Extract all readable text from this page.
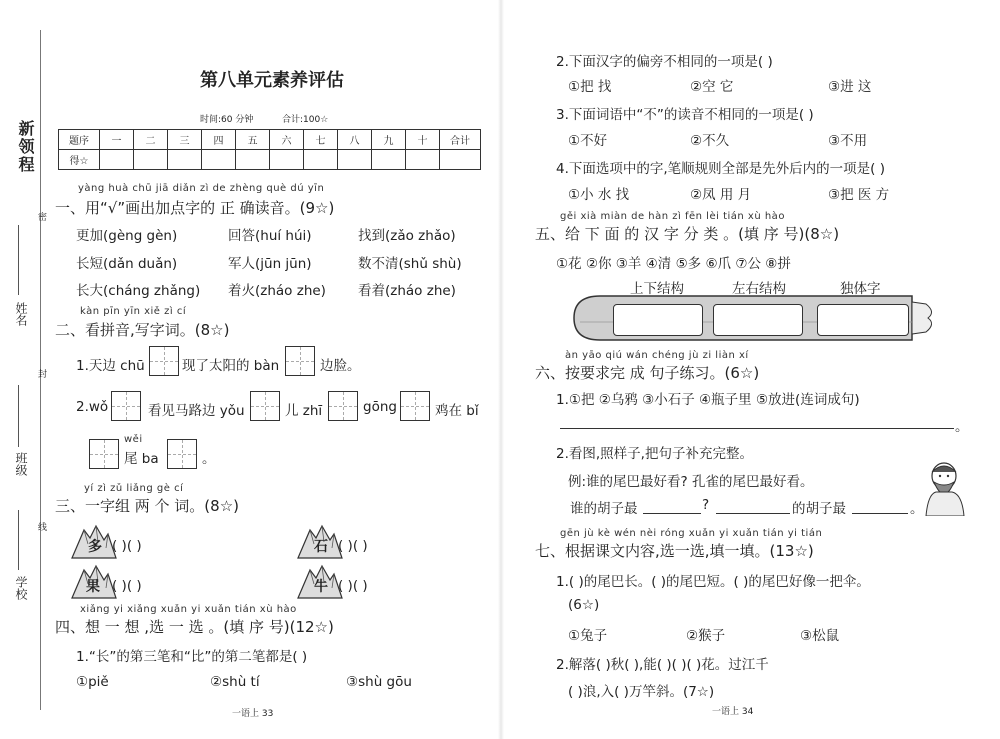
新领程
姓名
班级
学校
密
封
线
第八单元素养评估
时间:60 分钟	合计:100☆
题序	一	二	三	四	五	六	七	八	九	十	合计
得☆											
yàng huà chū jiā diǎn zì de zhèng què dú yīn
一、用“√”画出加点字的 正 确读音。(9☆)
更加(gèng gèn)	回答(huí húi)	找到(zǎo zhǎo)
长短(dǎn duǎn)	军人(jūn jūn)	数不清(shǔ shù)
长大(cháng zhǎng) 着火(zháo zhe) 看着(zháo zhe)
kàn pīn yīn xiě zì cí
二、看拼音,写字词。(8☆)
1.天边 chū	现了太阳的 bàn	边脸。
2.wǒ	看见马路边 yǒu	儿 zhī	gōng	鸡在 bǐ
wěi
尾 ba	。
yí zì zǔ liǎng gè cí
三、一字组 两 个 词。(8☆)
多 ( )( )	石 ( )( )
果 ( )( )	牛 ( )( )
xiǎng yi xiǎng xuǎn yi xuǎn tián xù hào
四、想 一 想 ,选 一 选 。(填 序 号)(12☆)
1.“长”的第三笔和“比”的第二笔都是( )
①piě	②shù tí	③shù gōu
一语上 33
2.下面汉字的偏旁不相同的一项是( )
①把 找	②空 它	③进 这
3.下面词语中“不”的读音不相同的一项是( )
①不好	②不久	③不用
4.下面选项中的字,笔顺规则全部是先外后内的一项是( )
①小 水 找	②凤 用 月	③把 医 方
gěi xià miàn de hàn zì fēn lèi tián xù hào
五、给 下 面 的 汉 字 分 类 。(填 序 号)(8☆)
①花 ②你 ③羊 ④清 ⑤多 ⑥爪 ⑦公 ⑧拼
上下结构	左右结构	独体字
àn yāo qiú wán chéng jù zi liàn xí
六、按要求完 成 句子练习。(6☆)
1.①把 ②乌鸦 ③小石子 ④瓶子里 ⑤放进(连词成句)
。
2.看图,照样子,把句子补充完整。
例:谁的尾巴最好看? 孔雀的尾巴最好看。
谁的胡子最	?	的胡子最	。
gēn jù kè wén nèi róng xuǎn yi xuǎn tián yi tián
七、根据课文内容,选一选,填一填。(13☆)
1.( )的尾巴长。( )的尾巴短。( )的尾巴好像一把伞。
(6☆)
①兔子	②猴子	③松鼠
2.解落( )秋( ),能( )( )( )花。过江千
( )浪,入( )万竿斜。(7☆)
一语上 34
